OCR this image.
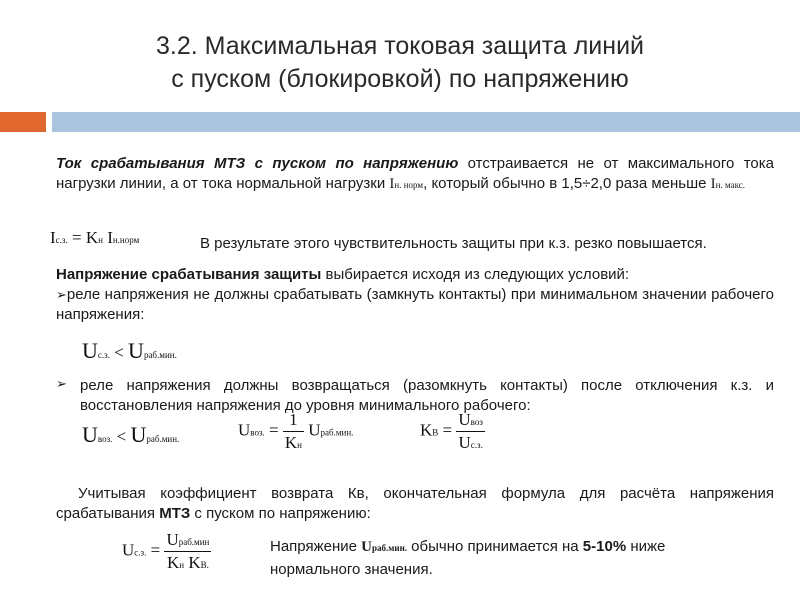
3.2. Максимальная токовая защита линий
с пуском (блокировкой) по напряжению
Ток срабатывания МТЗ с пуском по напряжению отстраивается не от максимального тока нагрузки линии, а от тока нормальной нагрузки Iн. норм, который обычно в 1,5÷2,0 раза меньше Iн. макс.
Iс.з. = Kн Iн.норм	В результате этого чувствительность защиты при к.з. резко повышается.
Напряжение срабатывания защиты выбирается исходя из следующих условий:
➢реле напряжения не должны срабатывать (замкнуть контакты) при минимальном значении рабочего напряжения:
Uс.з. < Uраб.мин.
➢ реле напряжения должны возвращаться (разомкнуть контакты) после отключения к.з. и восстановления напряжения до уровня минимального рабочего:
Uвоз. < Uраб.мин.	Uвоз. = $\frac{1}{Kн}$ Uраб.мин.	KВ = $\frac{\text{Uвоз}}{Uс.з.}$
Учитывая коэффициент возврата Кв, окончательная формула для расчёта напряжения срабатывания МТЗ с пуском по напряжению:
Uс.з. = $\frac{\text{Uраб.мин}}{\text{Kн KВ.}}$	Напряжение Uраб.мин. обычно принимается на 5-10% ниже нормального значения.
